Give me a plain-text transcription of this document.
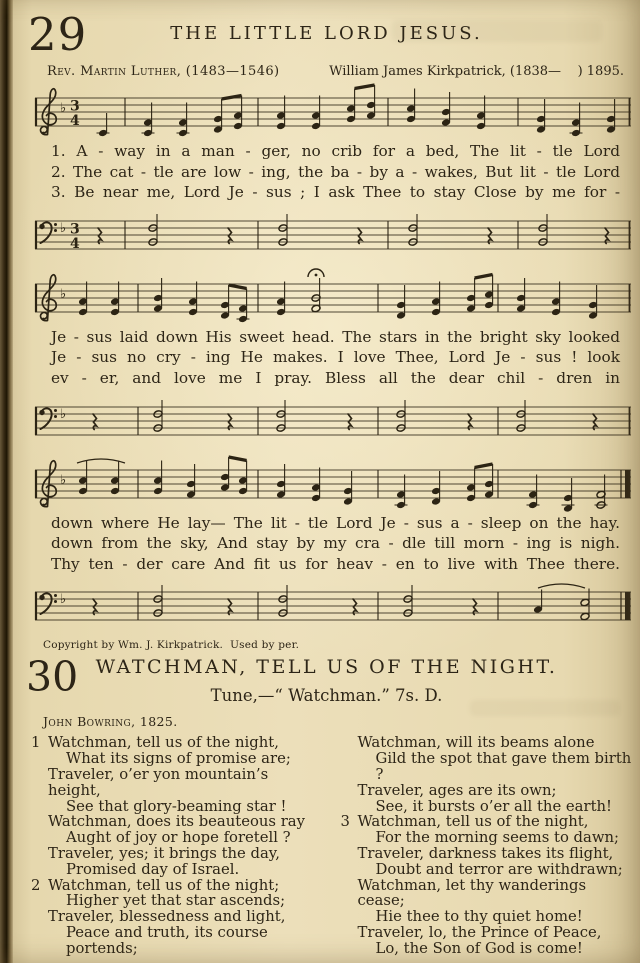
29	THE LITTLE LORD JESUS.
Rev. Martin Luther, (1483—1546)	William James Kirkpatrick, (1838—    ) 1895.
♭ 3
4
1. A - way in a man - ger, no crib for a bed, The lit - tle Lord
2. The cat - tle are low - ing, the ba - by a - wakes, But lit - tle Lord
3. Be near me, Lord Je - sus ; I ask Thee to stay Close by me for -
♭ 3
4
♭
Je - sus laid down His sweet head. The stars in the bright sky looked
Je - sus no cry - ing He makes. I love Thee, Lord Je - sus ! look
ev - er, and love me I pray. Bless all the dear chil - dren in
♭
♭
down where He lay— The lit - tle Lord Je - sus a - sleep on the hay.
down from the sky, And stay by my cra - dle till morn - ing is nigh.
Thy ten - der care And fit us for heav - en to live with Thee there.
♭
Copyright by Wm. J. Kirkpatrick.  Used by per.
30 WATCHMAN, TELL US OF THE NIGHT.
Tune,—“ Watchman.” 7s. D.
John Bowring, 1825.
1 Watchman, tell us of the night,
What its signs of promise are;
Traveler, o’er yon mountain’s height,
See that glory-beaming star !
Watchman, does its beauteous ray
Aught of joy or hope foretell ?
Traveler, yes; it brings the day,
Promised day of Israel.
2 Watchman, tell us of the night;
Higher yet that star ascends;
Traveler, blessedness and light,
Peace and truth, its course portends;
Watchman, will its beams alone
Gild the spot that gave them birth ?
Traveler, ages are its own;
See, it bursts o’er all the earth!
3 Watchman, tell us of the night,
For the morning seems to dawn;
Traveler, darkness takes its flight,
Doubt and terror are withdrawn;
Watchman, let thy wanderings cease;
Hie thee to thy quiet home!
Traveler, lo, the Prince of Peace,
Lo, the Son of God is come!
